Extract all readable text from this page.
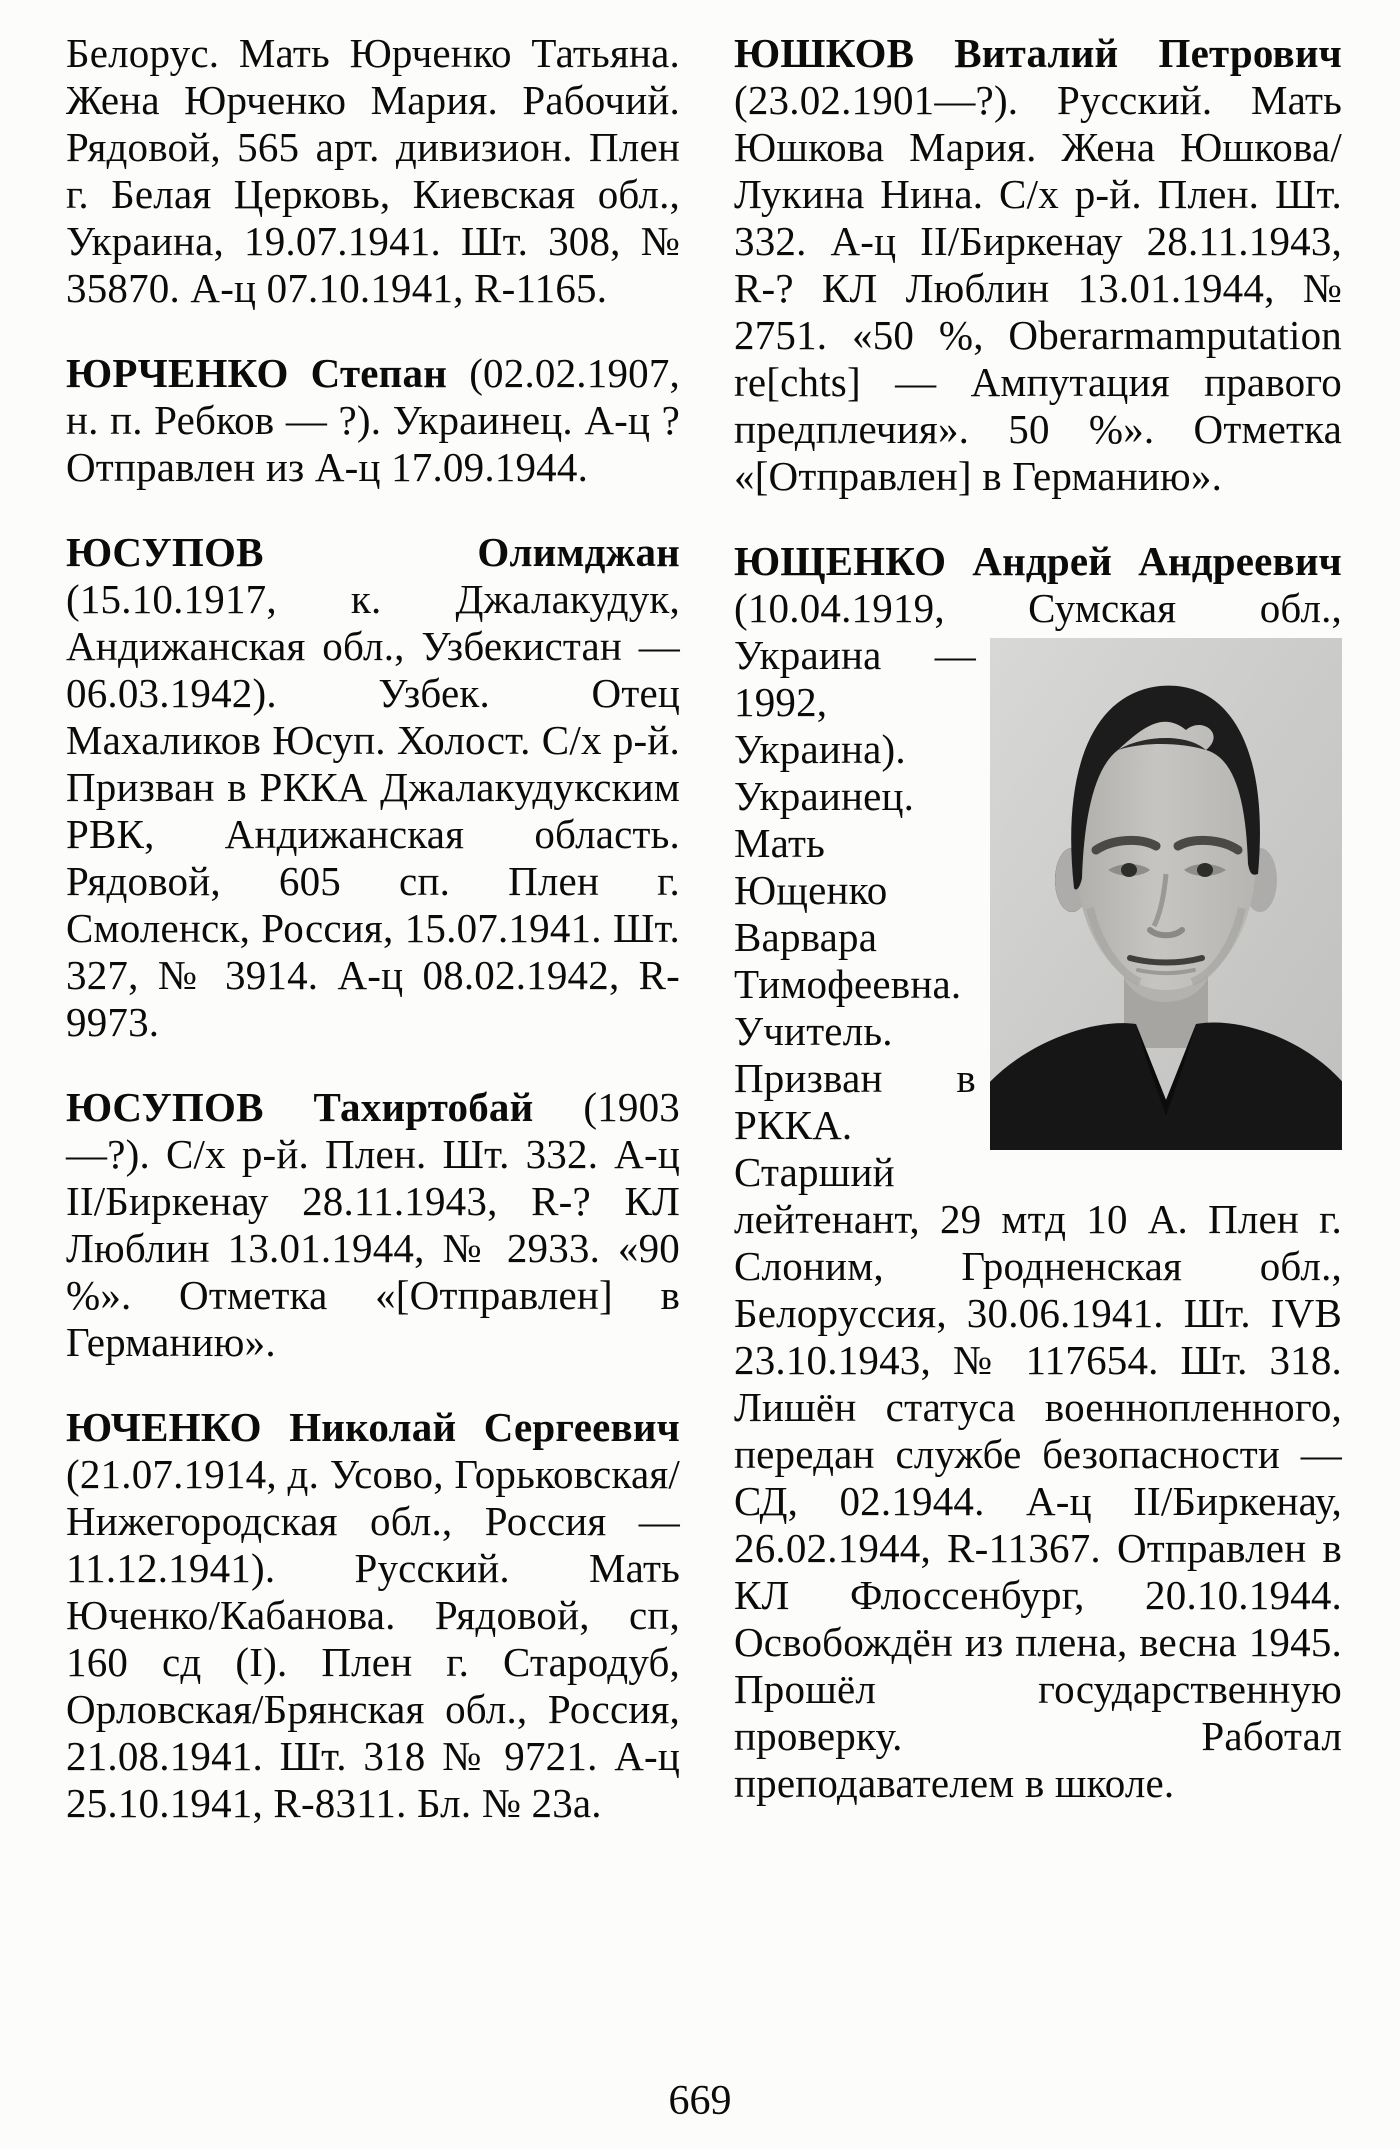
Белорус. Мать Юрченко Татьяна. Жена Юрченко Мария. Рабочий. Рядовой, 565 арт. дивизион. Плен г. Белая Церковь, Киевская обл., Украина, 19.07.1941. Шт. 308, № 35870. А-ц 07.10.1941, R-1165.

ЮРЧЕНКО Степан (02.02.1907, н. п. Ребков — ?). Украинец. А-ц ? Отправлен из А-ц 17.09.1944.

ЮСУПОВ Олимджан (15.10.1917, к. Джалакудук, Андижанская обл., Узбекистан — 06.03.1942). Узбек. Отец Махаликов Юсуп. Холост. С/х р-й. Призван в РККА Джалакудукским РВК, Андижанская область. Рядовой, 605 сп. Плен г. Смоленск, Россия, 15.07.1941. Шт. 327, № 3914. А-ц 08.02.1942, R-9973.

ЮСУПОВ Тахиртобай (1903—?). С/х р-й. Плен. Шт. 332. А-ц II/Биркенау 28.11.1943, R-? КЛ Люблин 13.01.1944, № 2933. «90 %». Отметка «[Отправлен] в Германию».

ЮЧЕНКО Николай Сергеевич (21.07.1914, д. Усово, Горьковская/Нижегородская обл., Россия — 11.12.1941). Русский. Мать Юченко/Кабанова. Рядовой, сп, 160 сд (I). Плен г. Стародуб, Орловская/Брянская обл., Россия, 21.08.1941. Шт. 318 № 9721. А-ц 25.10.1941, R-8311. Бл. № 23а.

ЮШКОВ Виталий Петрович (23.02.1901—?). Русский. Мать Юшкова Мария. Жена Юшкова/Лукина Нина. С/х р-й. Плен. Шт. 332. А-ц II/Биркенау 28.11.1943, R-? КЛ Люблин 13.01.1944, № 2751. «50 %, Oberarmamputation re[chts] — Ампутация правого предплечия». 50 %». Отметка «[Отправлен] в Германию».

ЮЩЕНКО Андрей Андреевич (10.04.1919, Сумская обл., Украина —
1992, Украина). Украинец. Мать Ющенко Варвара Тимофеевна. Учитель. Призван в РККА. Старший лейтенант, 29 мтд 10 А. Плен г. Слоним, Гродненская обл., Белоруссия, 30.06.1941. Шт. IVB 23.10.1943, № 117654. Шт. 318. Лишён статуса военнопленного, передан службе безопасности — СД, 02.1944. А-ц II/Биркенау, 26.02.1944, R-11367. Отправлен в КЛ Флоссенбург, 20.10.1944. Освобождён из плена, весна 1945. Прошёл государственную проверку. Работал преподавателем в школе.

669
